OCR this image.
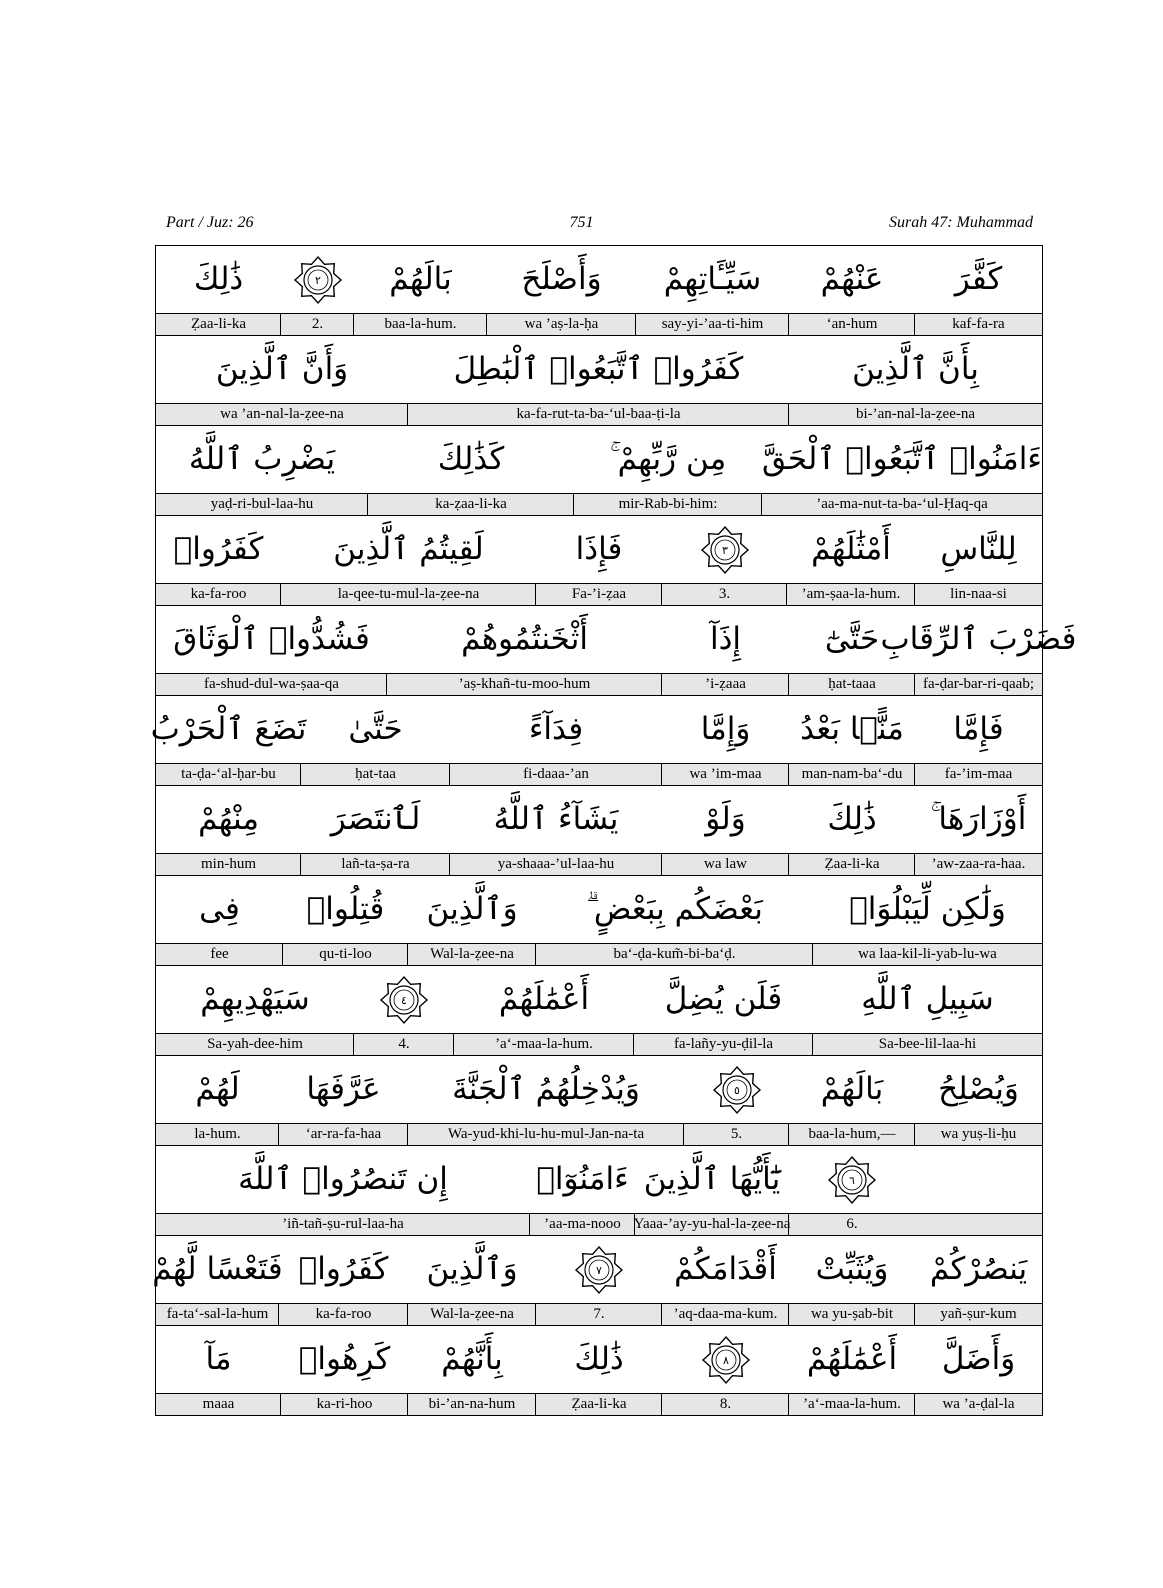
Part / Juz: 26	751	Surah 47: Muhammad
ذَٰلِكَ	٢	بَالَهُمْ	وَأَصْلَحَ	سَيِّـَٔاتِهِمْ	عَنْهُمْ	كَفَّرَ
Ẓaa-li-ka	2.	baa-la-hum.	wa ’aṣ-la-ḥa	say-yi-’aa-ti-him	‘an-hum	kaf-fa-ra
وَأَنَّ ٱلَّذِينَ	كَفَرُوا۟ ٱتَّبَعُوا۟ ٱلْبَٰطِلَ	بِأَنَّ ٱلَّذِينَ
wa ’an-nal-la-ẓee-na	ka-fa-rut-ta-ba-‘ul-baa-ṭi-la	bi-’an-nal-la-ẓee-na
يَضْرِبُ ٱللَّهُ	كَذَٰلِكَ	مِن رَّبِّهِمْ ۚ	ءَامَنُوا۟ ٱتَّبَعُوا۟ ٱلْحَقَّ
yaḍ-ri-bul-laa-hu	ka-ẓaa-li-ka	mir-Rab-bi-him:	’aa-ma-nut-ta-ba-‘ul-Ḥaq-qa
كَفَرُوا۟	لَقِيتُمُ ٱلَّذِينَ	فَإِذَا	٣	أَمْثَٰلَهُمْ	لِلنَّاسِ
ka-fa-roo	la-qee-tu-mul-la-ẓee-na	Fa-’i-ẓaa	3.	’am-ṣaa-la-hum.	lin-naa-si
فَشُدُّوا۟ ٱلْوَثَاقَ	أَثْخَنتُمُوهُمْ	إِذَآ	حَتَّىٰٓ فَضَرْبَ ٱلرِّقَابِ
fa-shud-dul-wa-ṣaa-qa	’aṣ-khañ-tu-moo-hum	’i-ẓaaa	ḥat-taaa	fa-ḍar-bar-ri-qaab;
تَضَعَ ٱلْحَرْبُ	حَتَّىٰ	فِدَآءً	وَإِمَّا	مَنًّۢا بَعْدُ	فَإِمَّا
ta-ḍa-‘al-ḥar-bu	ḥat-taa	fi-daaa-’an	wa ’im-maa	man-nam-ba‘-du	fa-’im-maa
مِنْهُمْ	لَٱنتَصَرَ	يَشَآءُ ٱللَّهُ	وَلَوْ	ذَٰلِكَ	أَوْزَارَهَا ۚ
min-hum	lañ-ta-ṣa-ra	ya-shaaa-’ul-laa-hu	wa law	Ẓaa-li-ka	’aw-zaa-ra-haa.
فِى	قُتِلُوا۟	وَٱلَّذِينَ	بَعْضَكُم بِبَعْضٍ ۗ	وَلَٰكِن لِّيَبْلُوَا۟
fee	qu-ti-loo	Wal-la-ẓee-na	ba‘-ḍa-kum̃-bi-ba‘ḍ.	wa laa-kil-li-yab-lu-wa
سَيَهْدِيهِمْ	٤	أَعْمَٰلَهُمْ	فَلَن يُضِلَّ	سَبِيلِ ٱللَّهِ
Sa-yah-dee-him	4.	’a‘-maa-la-hum.	fa-lañy-yu-ḍil-la	Sa-bee-lil-laa-hi
لَهُمْ	عَرَّفَهَا	وَيُدْخِلُهُمُ ٱلْجَنَّةَ	٥	بَالَهُمْ	وَيُصْلِحُ
la-hum.	‘ar-ra-fa-haa	Wa-yud-khi-lu-hu-mul-Jan-na-ta	5.	baa-la-hum,—	wa yuṣ-li-ḥu
إِن تَنصُرُوا۟ ٱللَّهَ	ءَامَنُوٓا۟ يَٰٓأَيُّهَا ٱلَّذِينَ	٦
’iñ-tañ-ṣu-rul-laa-ha	’aa-ma-nooo Yaaa-’ay-yu-hal-la-ẓee-na	6.
فَتَعْسًا لَّهُمْ كَفَرُوا۟	وَٱلَّذِينَ	٧	أَقْدَامَكُمْ	وَيُثَبِّتْ	يَنصُرْكُمْ
fa-ta‘-sal-la-hum	ka-fa-roo	Wal-la-ẓee-na	7.	’aq-daa-ma-kum.	wa yu-ṣab-bit	yañ-ṣur-kum
مَآ	كَرِهُوا۟	بِأَنَّهُمْ	ذَٰلِكَ	٨	أَعْمَٰلَهُمْ	وَأَضَلَّ
maaa	ka-ri-hoo	bi-’an-na-hum	Ẓaa-li-ka	8.	’a‘-maa-la-hum.	wa ’a-ḍal-la
